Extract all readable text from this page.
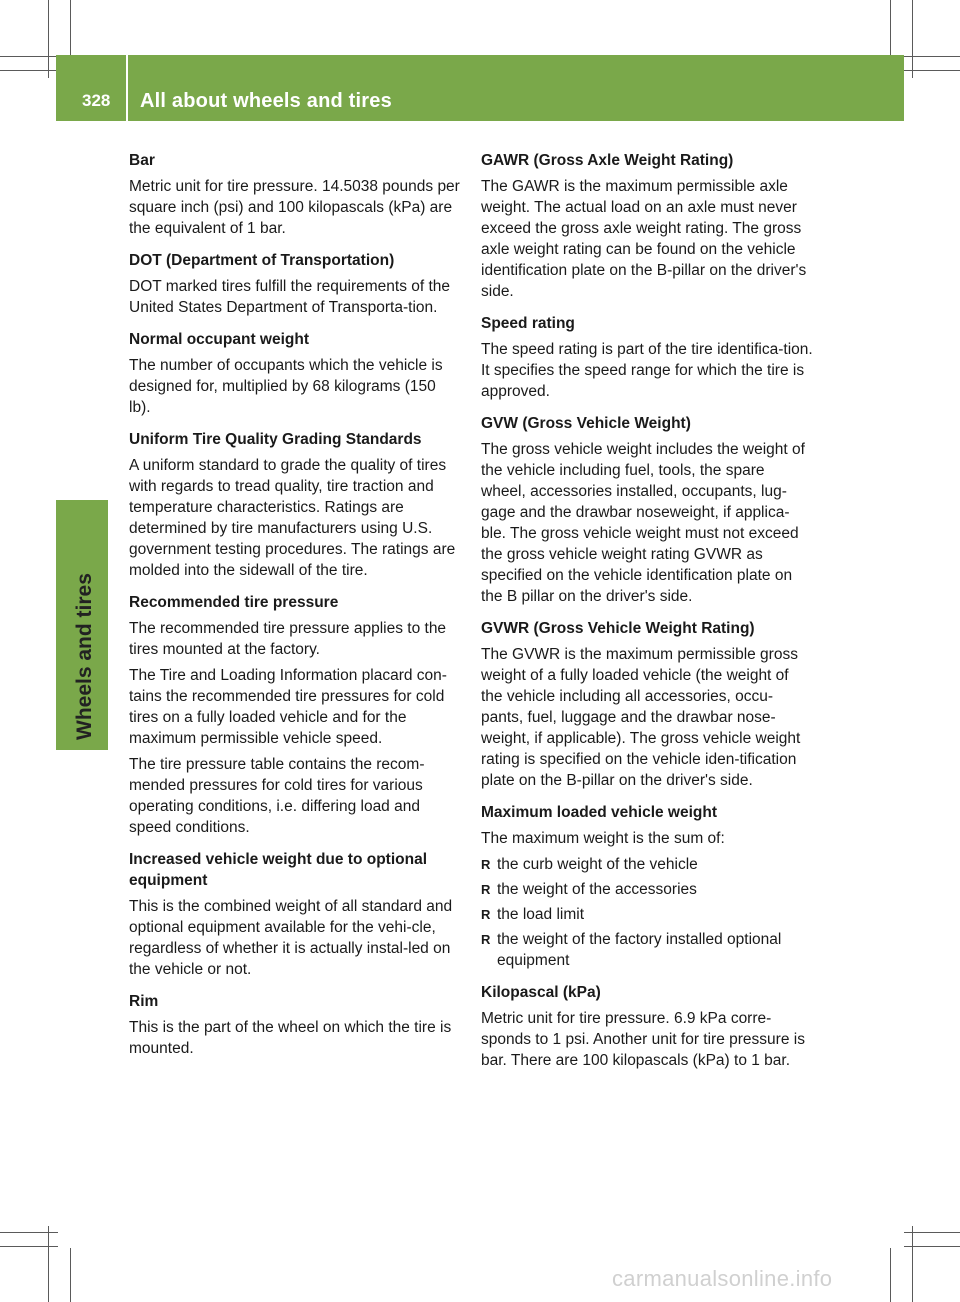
328	All about wheels and tires
Wheels and tires
Bar
Metric unit for tire pressure. 14.5038 pounds per square inch (psi) and 100 kilopascals (kPa) are the equivalent of 1 bar.
DOT (Department of Transportation)
DOT marked tires fulfill the requirements of the United States Department of Transporta-tion.
Normal occupant weight
The number of occupants which the vehicle is designed for, multiplied by 68 kilograms (150 lb).
Uniform Tire Quality Grading Standards
A uniform standard to grade the quality of tires with regards to tread quality, tire traction and temperature characteristics. Ratings are determined by tire manufacturers using U.S. government testing procedures. The ratings are molded into the sidewall of the tire.
Recommended tire pressure
The recommended tire pressure applies to the tires mounted at the factory.
The Tire and Loading Information placard con-tains the recommended tire pressures for cold tires on a fully loaded vehicle and for the maximum permissible vehicle speed.
The tire pressure table contains the recom-mended pressures for cold tires for various operating conditions, i.e. differing load and speed conditions.
Increased vehicle weight due to optional equipment
This is the combined weight of all standard and optional equipment available for the vehi-cle, regardless of whether it is actually instal-led on the vehicle or not.
Rim
This is the part of the wheel on which the tire is mounted.
GAWR (Gross Axle Weight Rating)
The GAWR is the maximum permissible axle weight. The actual load on an axle must never exceed the gross axle weight rating. The gross axle weight rating can be found on the vehicle identification plate on the B-pillar on the driver's side.
Speed rating
The speed rating is part of the tire identifica-tion. It specifies the speed range for which the tire is approved.
GVW (Gross Vehicle Weight)
The gross vehicle weight includes the weight of the vehicle including fuel, tools, the spare wheel, accessories installed, occupants, lug-gage and the drawbar noseweight, if applica-ble. The gross vehicle weight must not exceed the gross vehicle weight rating GVWR as specified on the vehicle identification plate on the B pillar on the driver's side.
GVWR (Gross Vehicle Weight Rating)
The GVWR is the maximum permissible gross weight of a fully loaded vehicle (the weight of the vehicle including all accessories, occu-pants, fuel, luggage and the drawbar nose-weight, if applicable). The gross vehicle weight rating is specified on the vehicle iden-tification plate on the B-pillar on the driver's side.
Maximum loaded vehicle weight
The maximum weight is the sum of:
R the curb weight of the vehicle
R the weight of the accessories
R the load limit
R the weight of the factory installed optional equipment
Kilopascal (kPa)
Metric unit for tire pressure. 6.9 kPa corre-sponds to 1 psi. Another unit for tire pressure is bar. There are 100 kilopascals (kPa) to 1 bar.
carmanualsonline.info
